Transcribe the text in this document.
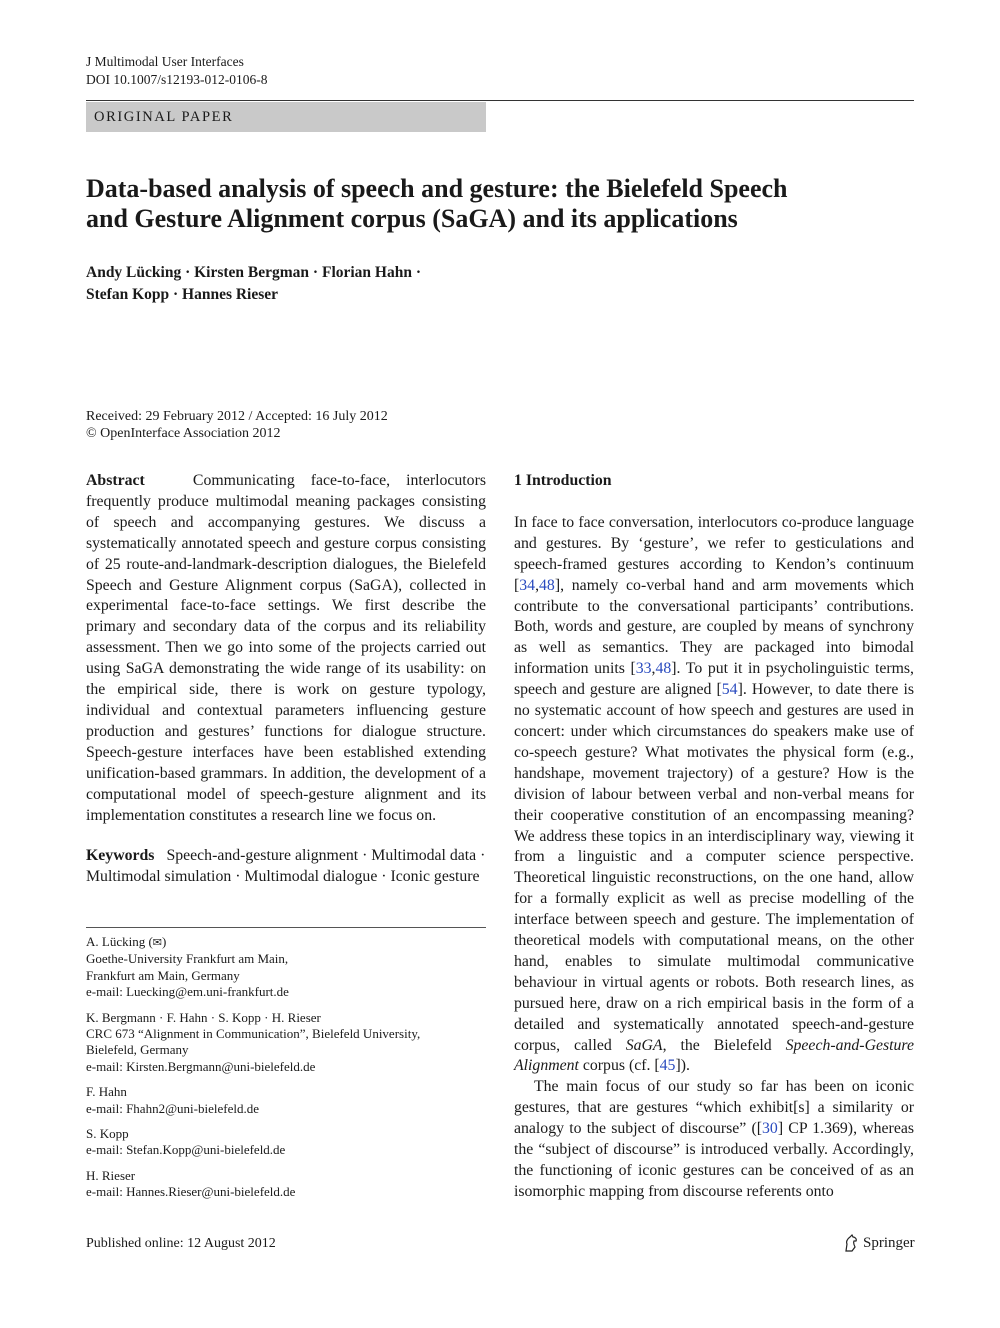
J Multimodal User Interfaces
DOI 10.1007/s12193-012-0106-8
ORIGINAL PAPER
Data-based analysis of speech and gesture: the Bielefeld Speech
and Gesture Alignment corpus (SaGA) and its applications
Andy Lücking · Kirsten Bergman · Florian Hahn ·
Stefan Kopp · Hannes Rieser
Received: 29 February 2012 / Accepted: 16 July 2012
© OpenInterface Association 2012

Abstract	Communicating face-to-face, interlocutors frequently produce multimodal meaning packages consisting of speech and accompanying gestures. We discuss a systematically annotated speech and gesture corpus consisting of 25 route-and-landmark-description dialogues, the Bielefeld Speech and Gesture Alignment corpus (SaGA), collected in experimental face-to-face settings. We first describe the primary and secondary data of the corpus and its reliability assessment. Then we go into some of the projects carried out using SaGA demonstrating the wide range of its usability: on the empirical side, there is work on gesture typology, individual and contextual parameters influencing gesture production and gestures’ functions for dialogue structure. Speech-gesture interfaces have been established extending unification-based grammars. In addition, the development of a computational model of speech-gesture alignment and its implementation constitutes a research line we focus on.

Keywords Speech-and-gesture alignment · Multimodal data · Multimodal simulation · Multimodal dialogue · Iconic gesture

A. Lücking (✉)
Goethe-University Frankfurt am Main,
Frankfurt am Main, Germany
e-mail: Luecking@em.uni-frankfurt.de
K. Bergmann · F. Hahn · S. Kopp · H. Rieser
CRC 673 “Alignment in Communication”, Bielefeld University,
Bielefeld, Germany
e-mail: Kirsten.Bergmann@uni-bielefeld.de
F. Hahn
e-mail: Fhahn2@uni-bielefeld.de
S. Kopp
e-mail: Stefan.Kopp@uni-bielefeld.de
H. Rieser
e-mail: Hannes.Rieser@uni-bielefeld.de
1 Introduction

In face to face conversation, interlocutors co-produce language and gestures. By ‘gesture’, we refer to gesticulations and speech-framed gestures according to Kendon’s continuum [34,48], namely co-verbal hand and arm movements which contribute to the conversational participants’ contributions. Both, words and gesture, are coupled by means of synchrony as well as semantics. They are packaged into bimodal information units [33,48]. To put it in psycholinguistic terms, speech and gesture are aligned [54]. However, to date there is no systematic account of how speech and gestures are used in concert: under which circumstances do speakers make use of co-speech gesture? What motivates the physical form (e.g., handshape, movement trajectory) of a gesture? How is the division of labour between verbal and non-verbal means for their cooperative constitution of an encompassing meaning? We address these topics in an interdisciplinary way, viewing it from a linguistic and a computer science perspective. Theoretical linguistic reconstructions, on the one hand, allow for a formally explicit as well as precise modelling of the interface between speech and gesture. The implementation of theoretical models with computational means, on the other hand, enables to simulate multimodal communicative behaviour in virtual agents or robots. Both research lines, as pursued here, draw on a rich empirical basis in the form of a detailed and systematically annotated speech-and-gesture corpus, called SaGA, the Bielefeld Speech-and-Gesture Alignment corpus (cf. [45]).

The main focus of our study so far has been on iconic gestures, that are gestures “which exhibit[s] a similarity or analogy to the subject of discourse” ([30] CP 1.369), whereas the “subject of discourse” is introduced verbally. Accordingly, the functioning of iconic gestures can be conceived of as an isomorphic mapping from discourse referents onto

Published online: 12 August 2012	Springer
